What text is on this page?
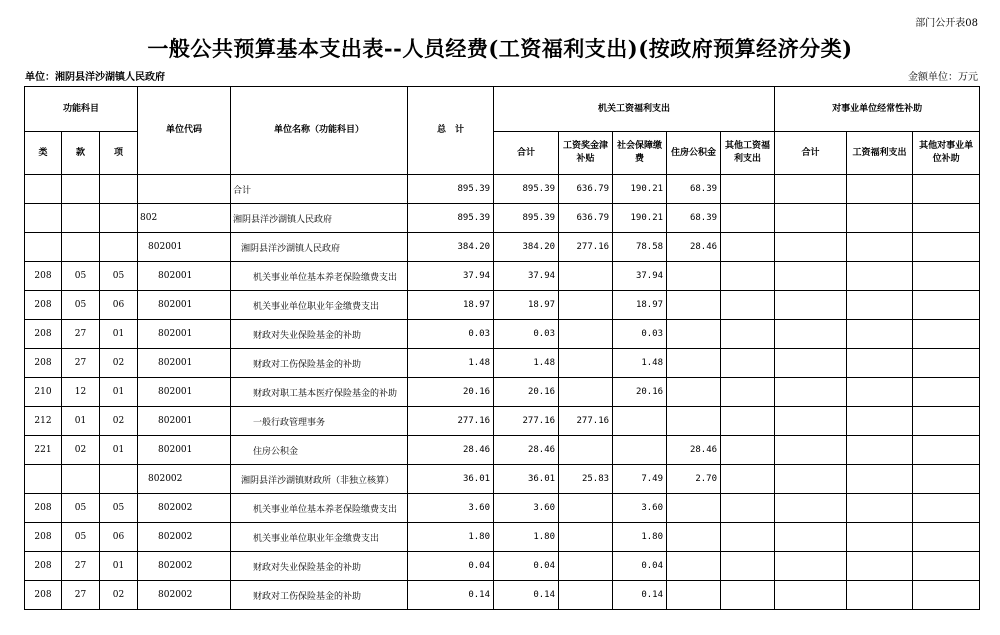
部门公开表08
一般公共预算基本支出表--人员经费(工资福利支出)(按政府预算经济分类)
单位：湘阴县洋沙湖镇人民政府	金额单位：万元
功能科目			单位代码	单位名称（功能科目）	总　计	机关工资福利支出					对事业单位经常性补助		
类	款	项				合计	工资奖金津补贴	社会保障缴费	住房公积金	其他工资福利支出	合计	工资福利支出	其他对事业单位补助
				合计	895.39	895.39	636.79	190.21	68.39				
			802	湘阴县洋沙湖镇人民政府	895.39	895.39	636.79	190.21	68.39				
			802001	湘阴县洋沙湖镇人民政府	384.20	384.20	277.16	78.58	28.46				
208	05	05	802001	机关事业单位基本养老保险缴费支出	37.94	37.94		37.94					
208	05	06	802001	机关事业单位职业年金缴费支出	18.97	18.97		18.97					
208	27	01	802001	财政对失业保险基金的补助	0.03	0.03		0.03					
208	27	02	802001	财政对工伤保险基金的补助	1.48	1.48		1.48					
210	12	01	802001	财政对职工基本医疗保险基金的补助	20.16	20.16		20.16					
212	01	02	802001	一般行政管理事务	277.16	277.16	277.16						
221	02	01	802001	住房公积金	28.46	28.46			28.46				
			802002	湘阴县洋沙湖镇财政所（非独立核算）	36.01	36.01	25.83	7.49	2.70				
208	05	05	802002	机关事业单位基本养老保险缴费支出	3.60	3.60		3.60					
208	05	06	802002	机关事业单位职业年金缴费支出	1.80	1.80		1.80					
208	27	01	802002	财政对失业保险基金的补助	0.04	0.04		0.04					
208	27	02	802002	财政对工伤保险基金的补助	0.14	0.14		0.14					
